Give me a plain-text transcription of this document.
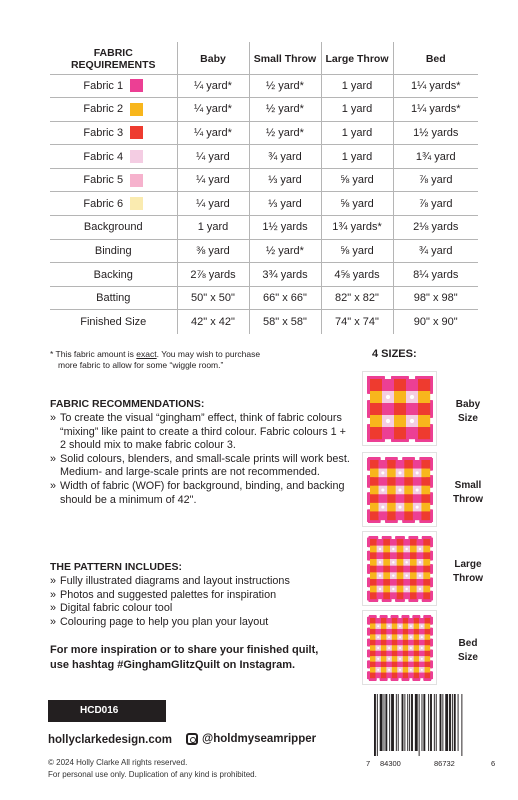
FABRIC REQUIREMENTS	Baby	Small Throw	Large Throw	Bed

Fabric 1	¼ yard*	½ yard*	1 yard	1¼ yards*

Fabric 2	¼ yard*	½ yard*	1 yard	1¼ yards*

Fabric 3	¼ yard*	½ yard*	1 yard	1½ yards

Fabric 4	¼ yard	¾ yard	1 yard	1¾ yard

Fabric 5	¼ yard	⅓ yard	⅝ yard	⅞ yard

Fabric 6	¼ yard	⅓ yard	⅝ yard	⅞ yard

Background	1 yard	1½ yards	1¾ yards*	2⅛ yards

Binding	⅜ yard	½ yard*	⅝ yard	¾ yard

Backing	2⅞ yards	3¾ yards	4⅝ yards	8¼ yards

Batting	50" x 50"	66" x 66"	82" x 82"	98" x 98"

Finished Size	42" x 42"	58" x 58"	74" x 74"	90" x 90"
* This fabric amount is exact. You may wish to purchase
more fabric to allow for some “wiggle room.”
FABRIC RECOMMENDATIONS:
» To create the visual “gingham” effect, think of fabric colours “mixing” like paint to create a third colour. Fabric colours 1 + 2 should mix to make fabric colour 3.
» Solid colours, blenders, and small-scale prints will work best. Medium- and large-scale prints are not recommended.
» Width of fabric (WOF) for background, binding, and backing should be a minimum of 42".
THE PATTERN INCLUDES:
» Fully illustrated diagrams and layout instructions
» Photos and suggested palettes for inspiration
» Digital fabric colour tool
» Colouring page to help you plan your layout
For more inspiration or to share your finished quilt,
use hashtag #GinghamGlitzQuilt on Instagram.
HCD016
hollyclarkedesign.com	@holdmyseamripper
© 2024 Holly Clarke All rights reserved.
For personal use only. Duplication of any kind is prohibited.
4 SIZES:
Baby
Size
Small
Throw
Large
Throw
Bed
Size
7 84300	86732	6
